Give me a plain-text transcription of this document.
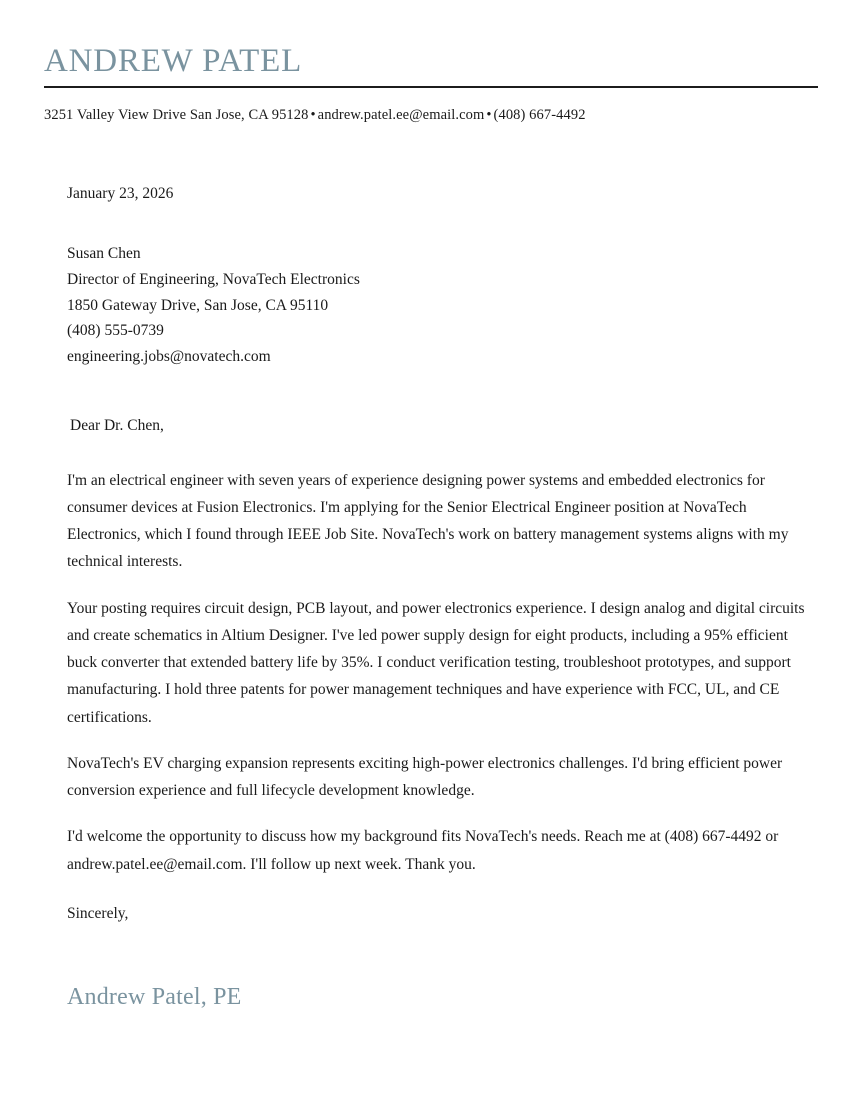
ANDREW PATEL
3251 Valley View Drive San Jose, CA 95128 • andrew.patel.ee@email.com • (408) 667-4492
January 23, 2026
Susan Chen
Director of Engineering, NovaTech Electronics
1850 Gateway Drive, San Jose, CA 95110
(408) 555-0739
engineering.jobs@novatech.com
Dear Dr. Chen,

I'm an electrical engineer with seven years of experience designing power systems and embedded electronics for consumer devices at Fusion Electronics. I'm applying for the Senior Electrical Engineer position at NovaTech Electronics, which I found through IEEE Job Site. NovaTech's work on battery management systems aligns with my technical interests.

Your posting requires circuit design, PCB layout, and power electronics experience. I design analog and digital circuits and create schematics in Altium Designer. I've led power supply design for eight products, including a 95% efficient buck converter that extended battery life by 35%. I conduct verification testing, troubleshoot prototypes, and support manufacturing. I hold three patents for power management techniques and have experience with FCC, UL, and CE certifications.

NovaTech's EV charging expansion represents exciting high-power electronics challenges. I'd bring efficient power conversion experience and full lifecycle development knowledge.

I'd welcome the opportunity to discuss how my background fits NovaTech's needs. Reach me at (408) 667-4492 or andrew.patel.ee@email.com. I'll follow up next week. Thank you.

Sincerely,
Andrew Patel, PE
